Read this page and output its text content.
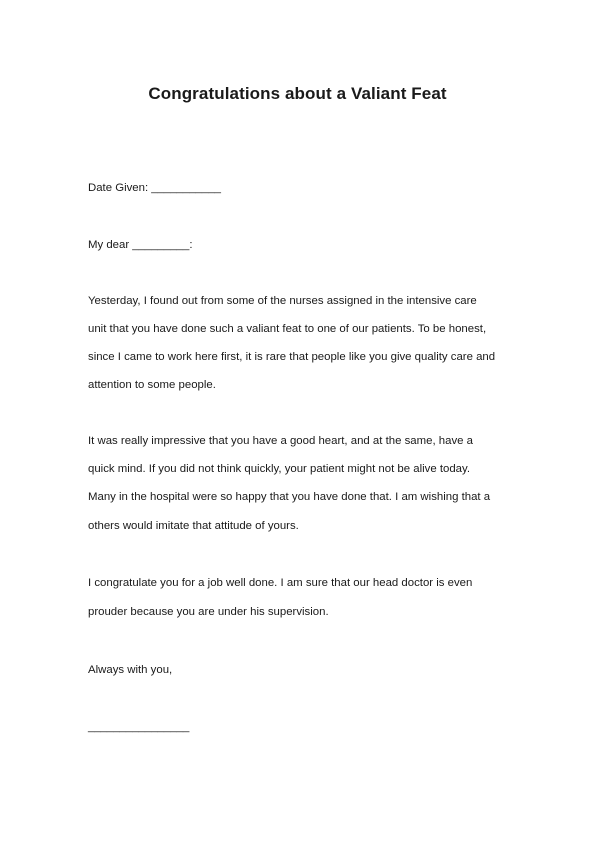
Congratulations about a Valiant Feat

Date Given: ___________

My dear _________:

Yesterday, I found out from some of the nurses assigned in the intensive care

unit that you have done such a valiant feat to one of our patients. To be honest,

since I came to work here first, it is rare that people like you give quality care and

attention to some people.

It was really impressive that you have a good heart, and at the same, have a

quick mind. If you did not think quickly, your patient might not be alive today.

Many in the hospital were so happy that you have done that. I am wishing that a

others would imitate that attitude of yours.

I congratulate you for a job well done. I am sure that our head doctor is even

prouder because you are under his supervision.

Always with you,

________________
